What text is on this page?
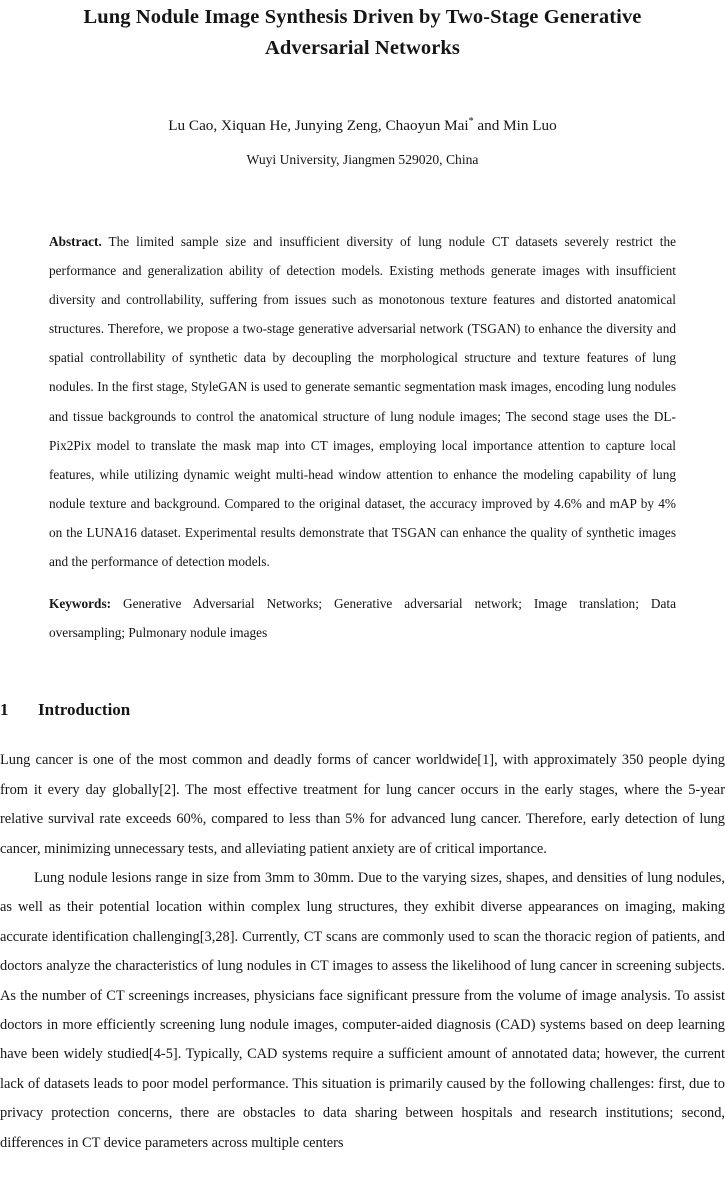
Lung Nodule Image Synthesis Driven by Two-Stage Generative
Adversarial Networks

Lu Cao, Xiquan He, Junying Zeng, Chaoyun Mai* and Min Luo

Wuyi University, Jiangmen 529020, China

Abstract. The limited sample size and insufficient diversity of lung nodule CT datasets severely restrict the performance and generalization ability of detection models. Existing methods generate images with insufficient diversity and controllability, suffering from issues such as monotonous texture features and distorted anatomical structures. Therefore, we propose a two-stage generative adversarial network (TSGAN) to enhance the diversity and spatial controllability of synthetic data by decoupling the morphological structure and texture features of lung nodules. In the first stage, StyleGAN is used to generate semantic segmentation mask images, encoding lung nodules and tissue backgrounds to control the anatomical structure of lung nodule images; The second stage uses the DL-Pix2Pix model to translate the mask map into CT images, employing local importance attention to capture local features, while utilizing dynamic weight multi-head window attention to enhance the modeling capability of lung nodule texture and background. Compared to the original dataset, the accuracy improved by 4.6% and mAP by 4% on the LUNA16 dataset. Experimental results demonstrate that TSGAN can enhance the quality of synthetic images and the performance of detection models.

Keywords: Generative Adversarial Networks; Generative adversarial network; Image translation; Data oversampling; Pulmonary nodule images

1	Introduction

Lung cancer is one of the most common and deadly forms of cancer worldwide[1], with approximately 350 people dying from it every day globally[2]. The most effective treatment for lung cancer occurs in the early stages, where the 5-year relative survival rate exceeds 60%, compared to less than 5% for advanced lung cancer. Therefore, early detection of lung cancer, minimizing unnecessary tests, and alleviating patient anxiety are of critical importance.

Lung nodule lesions range in size from 3mm to 30mm. Due to the varying sizes, shapes, and densities of lung nodules, as well as their potential location within complex lung structures, they exhibit diverse appearances on imaging, making accurate identification challenging[3,28]. Currently, CT scans are commonly used to scan the thoracic region of patients, and doctors analyze the characteristics of lung nodules in CT images to assess the likelihood of lung cancer in screening subjects. As the number of CT screenings increases, physicians face significant pressure from the volume of image analysis. To assist doctors in more efficiently screening lung nodule images, computer-aided diagnosis (CAD) systems based on deep learning have been widely studied[4-5]. Typically, CAD systems require a sufficient amount of annotated data; however, the current lack of datasets leads to poor model performance. This situation is primarily caused by the following challenges: first, due to privacy protection concerns, there are obstacles to data sharing between hospitals and research institutions; second, differences in CT device parameters across multiple centers
